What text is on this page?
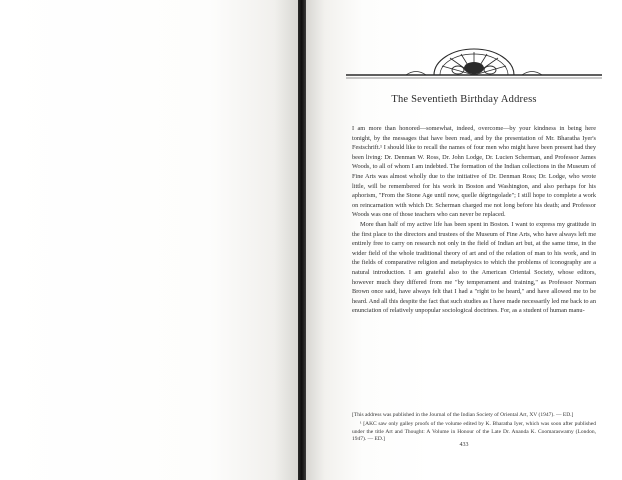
The Seventieth Birthday Address

I am more than honored—somewhat, indeed, overcome—by your kindness in being here tonight, by the messages that have been read, and by the presentation of Mr. Bharatha Iyer's Festschrift.¹ I should like to recall the names of four men who might have been present had they been living: Dr. Denman W. Ross, Dr. John Lodge, Dr. Lucien Scherman, and Professor James Woods, to all of whom I am indebted. The formation of the Indian collections in the Museum of Fine Arts was almost wholly due to the initiative of Dr. Denman Ross; Dr. Lodge, who wrote little, will be remembered for his work in Boston and Washington, and also perhaps for his aphorism, "From the Stone Age until now, quelle dégringolade"; I still hope to complete a work on reincarnation with which Dr. Scherman charged me not long before his death; and Professor Woods was one of those teachers who can never be replaced.

More than half of my active life has been spent in Boston. I want to express my gratitude in the first place to the directors and trustees of the Museum of Fine Arts, who have always left me entirely free to carry on research not only in the field of Indian art but, at the same time, in the wider field of the whole traditional theory of art and of the relation of man to his work, and in the fields of comparative religion and metaphysics to which the problems of iconography are a natural introduction. I am grateful also to the American Oriental Society, whose editors, however much they differed from me "by temperament and training," as Professor Norman Brown once said, have always felt that I had a "right to be heard," and have allowed me to be heard. And all this despite the fact that such studies as I have made necessarily led me back to an enunciation of relatively unpopular sociological doctrines. For, as a student of human manu-

[This address was published in the Journal of the Indian Society of Oriental Art, XV (1947). — ED.]

¹ [AKC saw only galley proofs of the volume edited by K. Bharatha Iyer, which was soon after published under the title Art and Thought: A Volume in Honour of the Late Dr. Ananda K. Coomaraswamy (London, 1947). — ED.]

433
